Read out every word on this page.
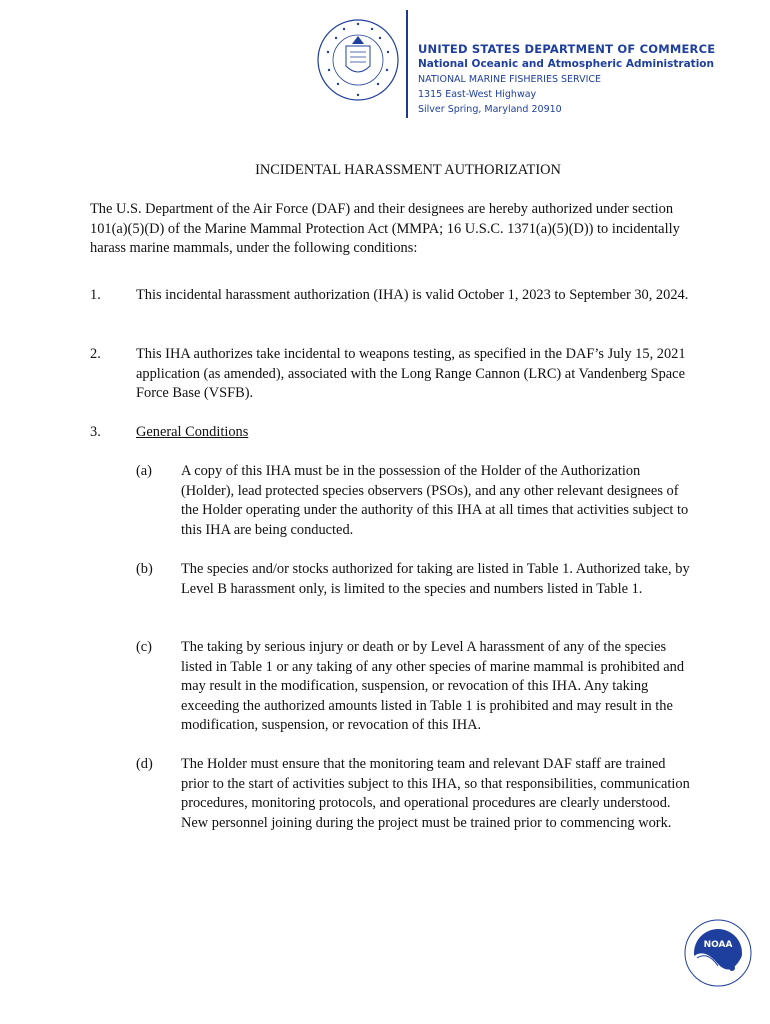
UNITED STATES DEPARTMENT OF COMMERCE
National Oceanic and Atmospheric Administration
NATIONAL MARINE FISHERIES SERVICE
1315 East-West Highway
Silver Spring, Maryland 20910
INCIDENTAL HARASSMENT AUTHORIZATION
The U.S. Department of the Air Force (DAF) and their designees are hereby authorized under section 101(a)(5)(D) of the Marine Mammal Protection Act (MMPA; 16 U.S.C. 1371(a)(5)(D)) to incidentally harass marine mammals, under the following conditions:
1. This incidental harassment authorization (IHA) is valid October 1, 2023 to September 30, 2024.
2. This IHA authorizes take incidental to weapons testing, as specified in the DAF’s July 15, 2021 application (as amended), associated with the Long Range Cannon (LRC) at Vandenberg Space Force Base (VSFB).
3. General Conditions
(a) A copy of this IHA must be in the possession of the Holder of the Authorization (Holder), lead protected species observers (PSOs), and any other relevant designees of the Holder operating under the authority of this IHA at all times that activities subject to this IHA are being conducted.
(b) The species and/or stocks authorized for taking are listed in Table 1. Authorized take, by Level B harassment only, is limited to the species and numbers listed in Table 1.
(c) The taking by serious injury or death or by Level A harassment of any of the species listed in Table 1 or any taking of any other species of marine mammal is prohibited and may result in the modification, suspension, or revocation of this IHA. Any taking exceeding the authorized amounts listed in Table 1 is prohibited and may result in the modification, suspension, or revocation of this IHA.
(d) The Holder must ensure that the monitoring team and relevant DAF staff are trained prior to the start of activities subject to this IHA, so that responsibilities, communication procedures, monitoring protocols, and operational procedures are clearly understood. New personnel joining during the project must be trained prior to commencing work.
NOAA
